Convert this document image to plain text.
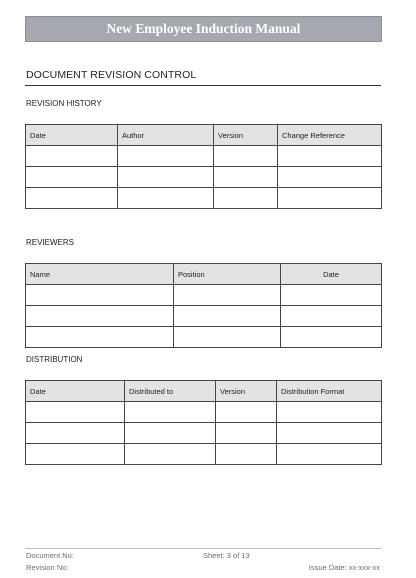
New Employee Induction Manual
DOCUMENT REVISION CONTROL
REVISION HISTORY
Date	Author	Version	Change Reference

REVIEWERS
Name	Position	Date

DISTRIBUTION
Date	Distributed to	Version	Distribution Format

Document No:	Sheet: 3 of 13
Revision No:	Issue Date: xx-xxx-xx
